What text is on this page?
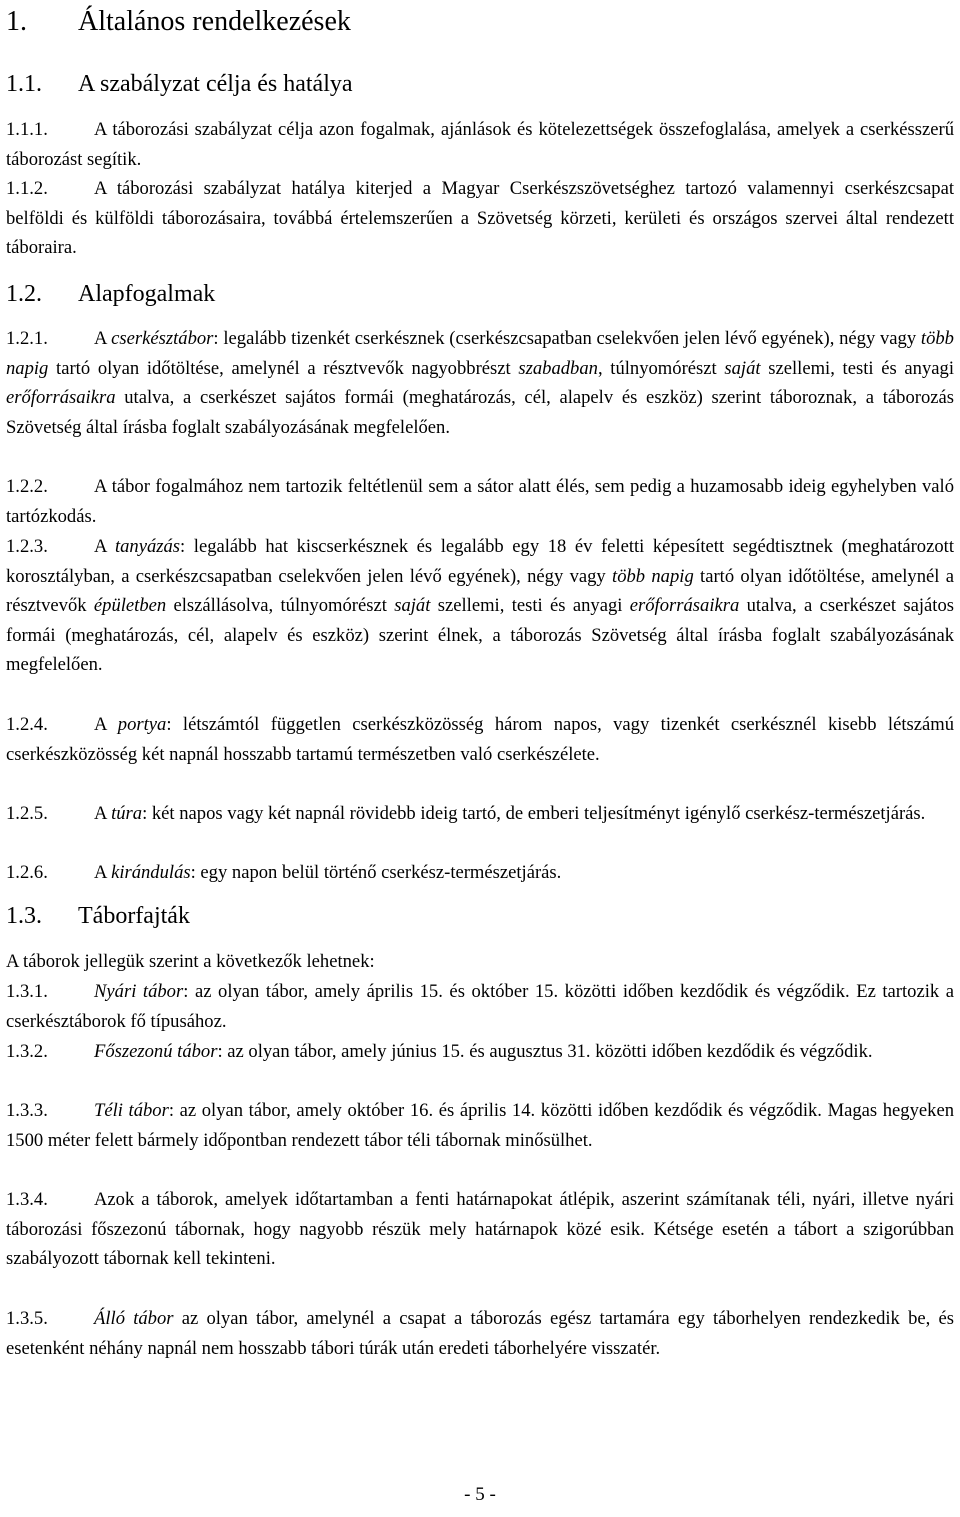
1. Általános rendelkezések
1.1. A szabályzat célja és hatálya
1.1.1. A táborozási szabályzat célja azon fogalmak, ajánlások és kötelezettségek összefoglalása, amelyek a cserkésszerű táborozást segítik.
1.1.2. A táborozási szabályzat hatálya kiterjed a Magyar Cserkészszövetséghez tartozó valamennyi cserkészcsapat belföldi és külföldi táborozásaira, továbbá értelemszerűen a Szövetség körzeti, kerületi és országos szervei által rendezett táboraira.
1.2. Alapfogalmak
1.2.1. A cserkésztábor: legalább tizenkét cserkésznek (cserkészcsapatban cselekvően jelen lévő egyének), négy vagy több napig tartó olyan időtöltése, amelynél a résztvevők nagyobbrészt szabadban, túlnyomórészt saját szellemi, testi és anyagi erőforrásaikra utalva, a cserkészet sajátos formái (meghatározás, cél, alapelv és eszköz) szerint táboroznak, a táborozás Szövetség által írásba foglalt szabályozásának megfelelően.
1.2.2. A tábor fogalmához nem tartozik feltétlenül sem a sátor alatt élés, sem pedig a huzamosabb ideig egyhelyben való tartózkodás.
1.2.3. A tanyázás: legalább hat kiscserkésznek és legalább egy 18 év feletti képesített segédtisztnek (meghatározott korosztályban, a cserkészcsapatban cselekvően jelen lévő egyének), négy vagy több napig tartó olyan időtöltése, amelynél a résztvevők épületben elszállásolva, túlnyomórészt saját szellemi, testi és anyagi erőforrásaikra utalva, a cserkészet sajátos formái (meghatározás, cél, alapelv és eszköz) szerint élnek, a táborozás Szövetség által írásba foglalt szabályozásának megfelelően.
1.2.4. A portya: létszámtól független cserkészközösség három napos, vagy tizenkét cserkésznél kisebb létszámú cserkészközösség két napnál hosszabb tartamú természetben való cserkészélete.
1.2.5. A túra: két napos vagy két napnál rövidebb ideig tartó, de emberi teljesítményt igénylő cserkész-természetjárás.
1.2.6. A kirándulás: egy napon belül történő cserkész-természetjárás.
1.3. Táborfajták
A táborok jellegük szerint a következők lehetnek:
1.3.1. Nyári tábor: az olyan tábor, amely április 15. és október 15. közötti időben kezdődik és végződik. Ez tartozik a cserkésztáborok fő típusához.
1.3.2. Főszezonú tábor: az olyan tábor, amely június 15. és augusztus 31. közötti időben kezdődik és végződik.
1.3.3. Téli tábor: az olyan tábor, amely október 16. és április 14. közötti időben kezdődik és végződik. Magas hegyeken 1500 méter felett bármely időpontban rendezett tábor téli tábornak minősülhet.
1.3.4. Azok a táborok, amelyek időtartamban a fenti határnapokat átlépik, aszerint számítanak téli, nyári, illetve nyári táborozási főszezonú tábornak, hogy nagyobb részük mely határnapok közé esik. Kétsége esetén a tábort a szigorúbban szabályozott tábornak kell tekinteni.
1.3.5. Álló tábor az olyan tábor, amelynél a csapat a táborozás egész tartamára egy táborhelyen rendezkedik be, és esetenként néhány napnál nem hosszabb tábori túrák után eredeti táborhelyére visszatér.
- 5 -
